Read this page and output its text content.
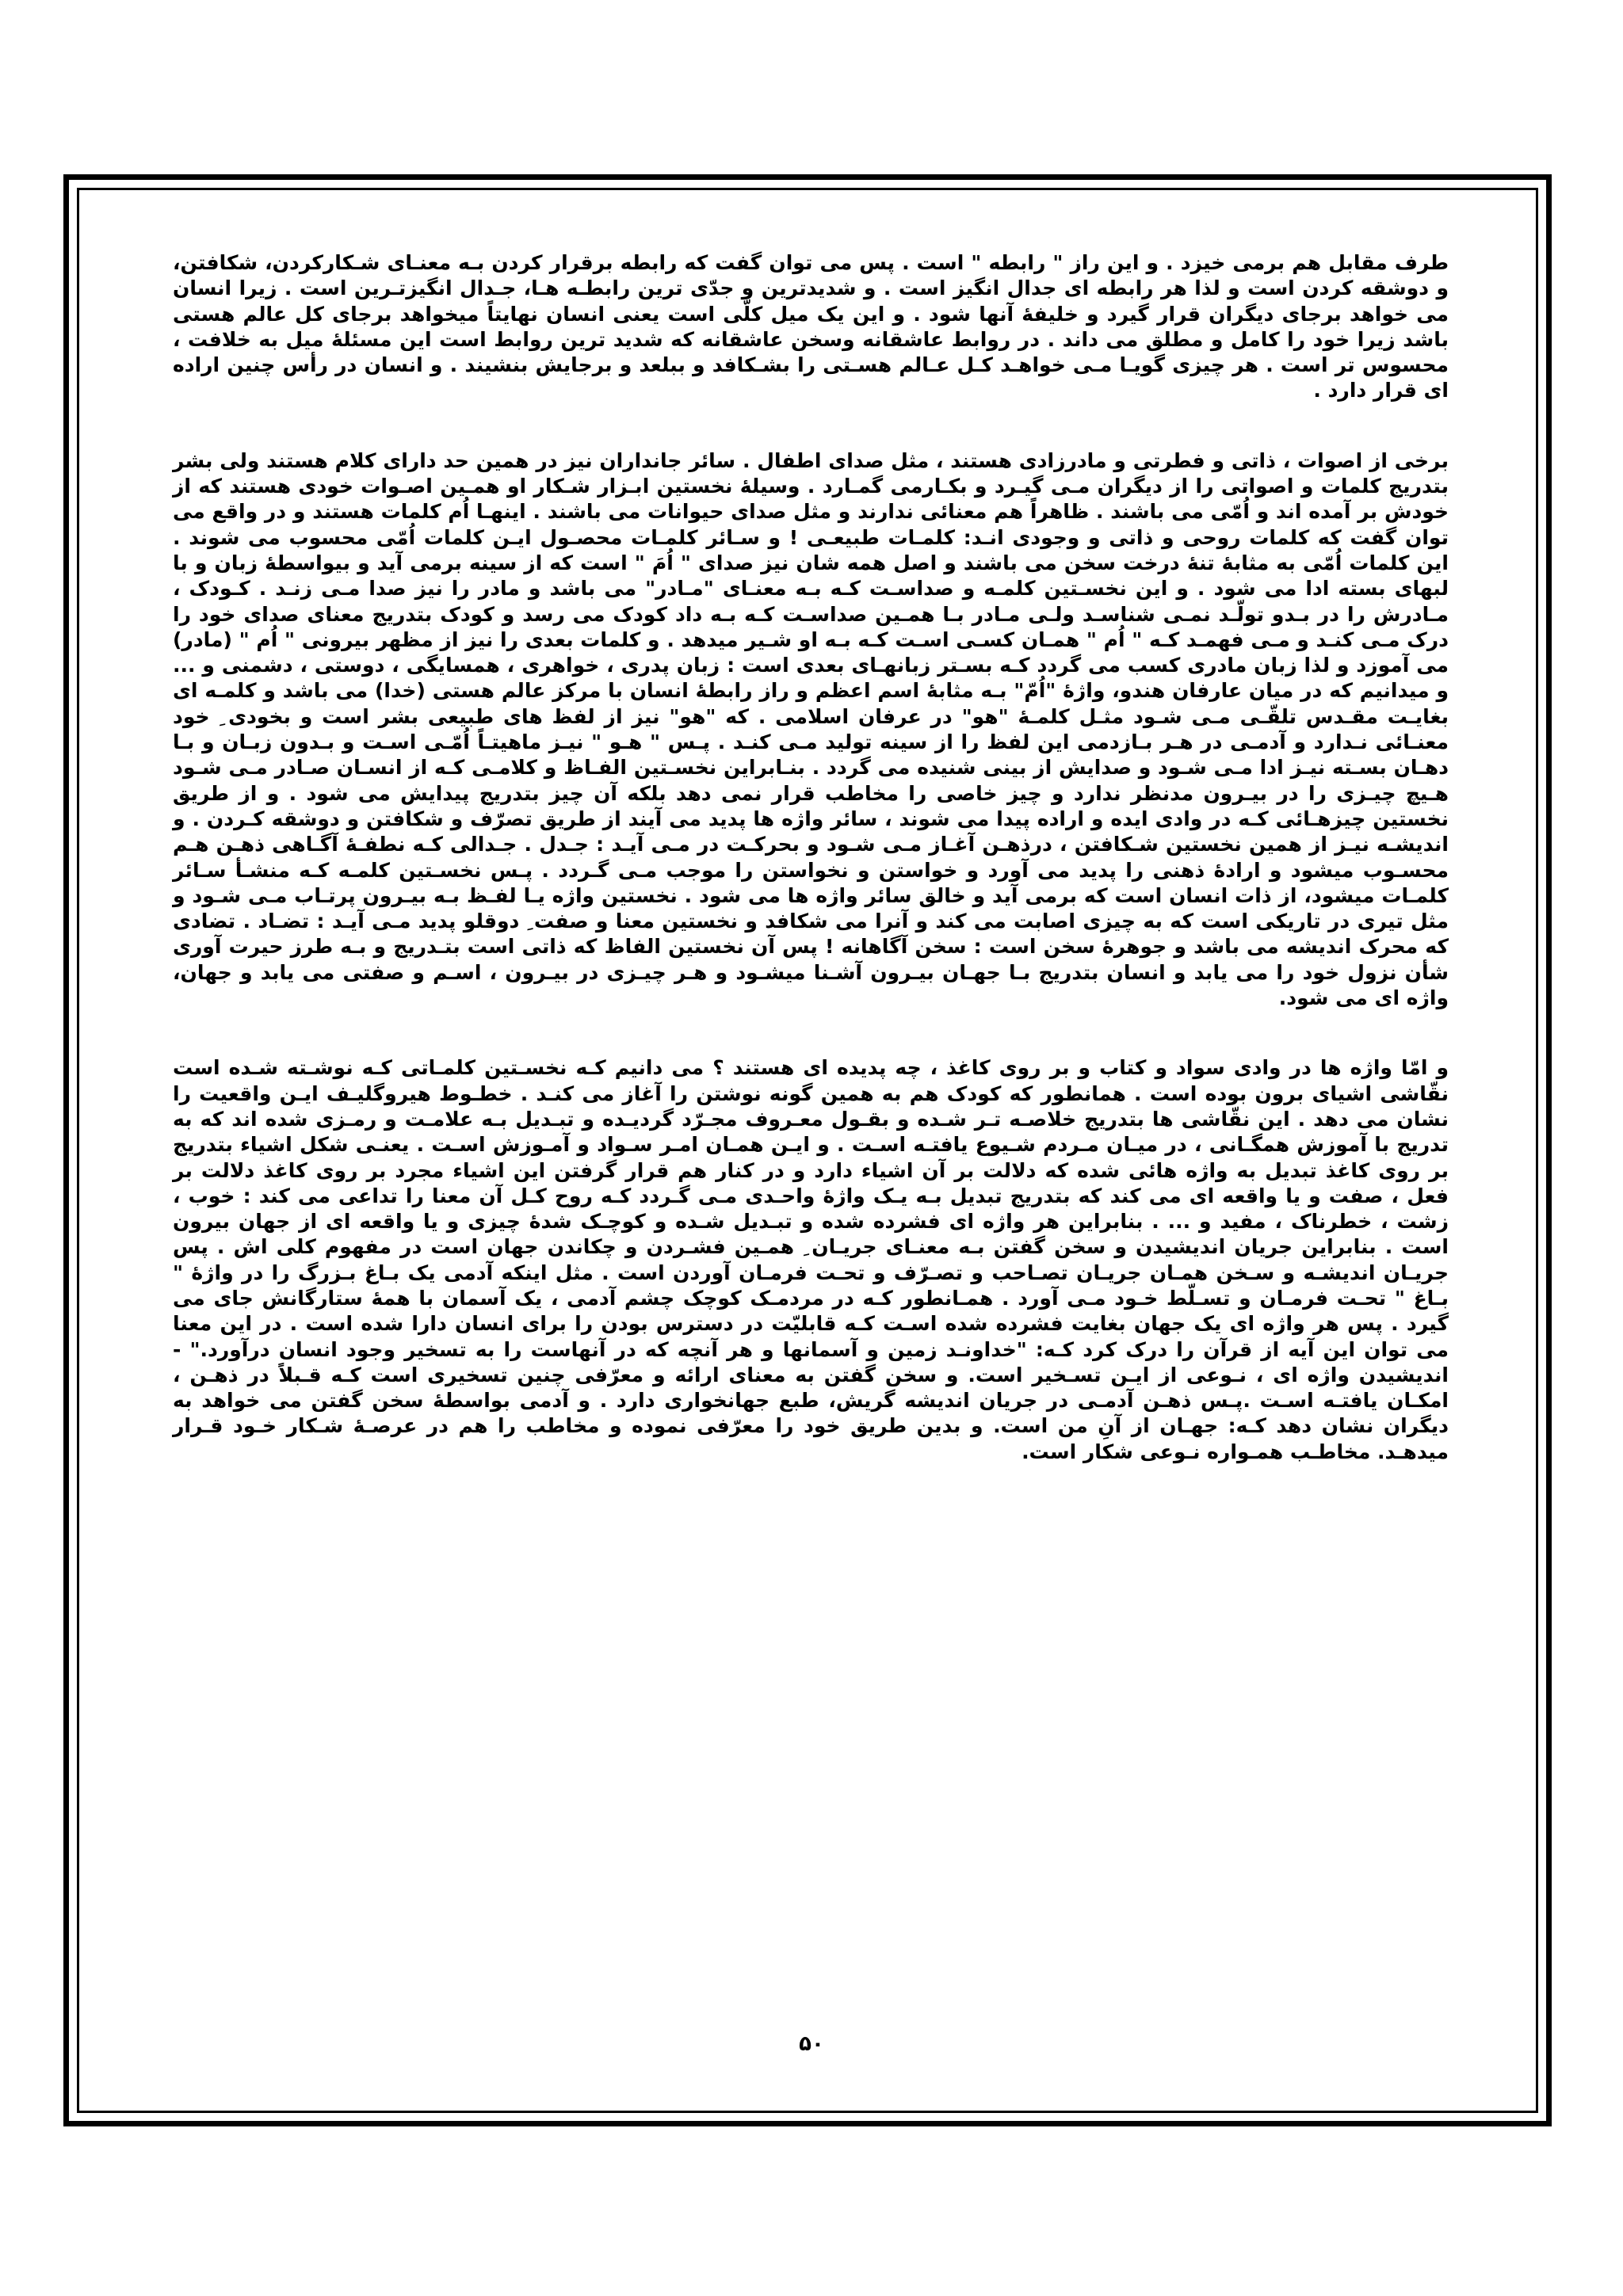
طرف مقابل هم برمی خیزد . و این راز " رابطه " است . پس می توان گفت که رابطه برقرار کردن بـه معنـای شـکارکردن، شکافتن، و دوشقه کردن است و لذا هر رابطه ای جدال انگیز است . و شدیدترین و جدّی ترین رابطـه هـا، جـدال انگیزتـرین است . زیرا انسان می خواهد برجای دیگران قرار گیرد و خلیفهٔ آنها شود . و این یک میل کلّی است یعنی انسان نهایتاً میخواهد برجای کل عالم هستی باشد زیرا خود را کامل و مطلق می داند . در روابط عاشقانه وسخن عاشقانه که شدید ترین روابط است این مسئلهٔ میل به خلافت ، محسوس تر است . هر چیزی گویـا مـی خواهـد کـل عـالم هسـتی را بشـکافد و ببلعد و برجایش بنشیند . و انسان در رأس چنین اراده ای قرار دارد .

برخی از اصوات ، ذاتی و فطرتی و مادرزادی هستند ، مثل صدای اطفال . سائر جانداران نیز در همین حد دارای کلام هستند ولی بشر بتدریج کلمات و اصواتی را از دیگران مـی گیـرد و بکـارمی گمـارد . وسیلهٔ نخستین ابـزار شـکار او همـین اصـوات خودی هستند که از خودش بر آمده اند و اُمّی می باشند . ظاهراً هم معنائی ندارند و مثل صدای حیوانات می باشند . اینهـا اُم کلمات هستند و در واقع می توان گفت که کلمات روحی و ذاتی و وجودی انـد: کلمـات طبیعـی ! و سـائر کلمـات محصـول ایـن کلمات اُمّی محسوب می شوند . این کلمات اُمّی به مثابهٔ تنهٔ درخت سخن می باشند و اصل همه شان نیز صدای " اُمَ " است که از سینه برمی آید و بیواسطهٔ زبان و با لبهای بسته ادا می شود . و این نخسـتین کلمـه و صداسـت کـه بـه معنـای "مـادر" می باشد و مادر را نیز صدا مـی زنـد . کـودک ، مـادرش را در بـدو تولّـد نمـی شناسـد ولـی مـادر بـا همـین صداسـت کـه بـه داد کودک می رسد و کودک بتدریج معنای صدای خود را درک مـی کنـد و مـی فهمـد کـه " اُم " همـان کسـی اسـت کـه بـه او شـیر میدهد . و کلمات بعدی را نیز از مظهر بیرونی " اُم " (مادر) می آموزد و لذا زبان مادری کسب می گردد کـه بسـتر زبانهـای بعدی است : زبان پدری ، خواهری ، همسایگی ، دوستی ، دشمنی و ... و میدانیم که در میان عارفان هندو، واژهٔ "اُمّ" بـه مثابهٔ اسم اعظم و راز رابطهٔ انسان با مرکز عالم هستی (خدا) می باشد و کلمـه ای بغایـت مقـدس تلقّـی مـی شـود مثـل کلمـهٔ "هو" در عرفان اسلامی . که "هو" نیز از لفظ های طبیعی بشر است و بخودی ِ خود معنـائی نـدارد و آدمـی در هـر بـازدمی این لفظ را از سینه تولید مـی کنـد . پـس " هـو " نیـز ماهیتـاً اُمّـی اسـت و بـدون زبـان و بـا دهـان بسـته نیـز ادا مـی شـود و صدایش از بینی شنیده می گردد . بنـابراین نخسـتین الفـاظ و کلامـی کـه از انسـان صـادر مـی شـود هـیچ چیـزی را در بیـرون مدنظر ندارد و چیز خاصی را مخاطب قرار نمی دهد بلکه آن چیز بتدریج پیدایش می شود . و از طریق نخستین چیزهـائی کـه در وادی ایده و اراده پیدا می شوند ، سائر واژه ها پدید می آیند از طریق تصرّف و شکافتن و دوشقه کـردن . و اندیشـه نیـز از همین نخستین شـکافتن ، درذهـن آغـاز مـی شـود و بحرکـت در مـی آیـد : جـدل . جـدالی کـه نطفـهٔ آگـاهی ذهـن هـم محسـوب میشود و ارادهٔ ذهنی را پدید می آورد و خواستن و نخواستن را موجب مـی گـردد . پـس نخسـتین کلمـه کـه منشـأ سـائر کلمـات میشود، از ذات انسان است که برمی آید و خالق سائر واژه ها می شود . نخستین واژه یـا لفـظ بـه بیـرون پرتـاب مـی شـود و مثل تیری در تاریکی است که به چیزی اصابت می کند و آنرا می شکافد و نخستین معنا و صفت ِ دوقلو پدید مـی آیـد : تضـاد . تضادی که محرک اندیشه می باشد و جوهرهٔ سخن است : سخن آگاهانه ! پس آن نخستین الفاظ که ذاتی است بتـدریج و بـه طرز حیرت آوری شأن نزول خود را می یابد و انسان بتدریج بـا جهـان بیـرون آشـنا میشـود و هـر چیـزی در بیـرون ، اسـم و صفتی می یابد و جهان، واژه ای می شود.

و امّا واژه ها در وادی سواد و کتاب و بر روی کاغذ ، چه پدیده ای هستند ؟ می دانیم کـه نخسـتین کلمـاتی کـه نوشـته شـده است نقّاشی اشیای برون بوده است . همانطور که کودک هم به همین گونه نوشتن را آغاز می کنـد . خطـوط هیروگلیـف ایـن واقعیت را نشان می دهد . این نقّاشی ها بتدریج خلاصـه تـر شـده و بقـول معـروف مجـرّد گردیـده و تبـدیل بـه علامـت و رمـزی شده اند که به تدریج با آموزش همگـانی ، در میـان مـردم شـیوع یافتـه اسـت . و ایـن همـان امـر سـواد و آمـوزش اسـت . یعنـی شکل اشیاء بتدریج بر روی کاغذ تبدیل به واژه هائی شده که دلالت بر آن اشیاء دارد و در کنار هم قرار گرفتن این اشیاء مجرد بر روی کاغذ دلالت بر فعل ، صفت و یا واقعه ای می کند که بتدریج تبدیل بـه یـک واژهٔ واحـدی مـی گـردد کـه روح کـل آن معنا را تداعی می کند : خوب ، زشت ، خطرناک ، مفید و ... . بنابراین هر واژه ای فشرده شده و تبـدیل شـده و کوچـک شدهٔ چیزی و یا واقعه ای از جهان بیرون است . بنابراین جریان اندیشیدن و سخن گفتن بـه معنـای جریـان ِ همـین فشـردن و چکاندن جهان است در مفهوم کلی اش . پس جریـان اندیشـه و سـخن همـان جریـان تصـاحب و تصـرّف و تحـت فرمـان آوردن است . مثل اینکه آدمی یک بـاغ بـزرگ را در واژهٔ " بـاغ " تحـت فرمـان و تسـلّط خـود مـی آورد . همـانطور کـه در مردمـک کوچک چشم آدمی ، یک آسمان با همهٔ ستارگانش جای می گیرد . پس هر واژه ای یک جهان بغایت فشرده شده اسـت کـه قابلیّت در دسترس بودن را برای انسان دارا شده است . در این معنا می توان این آیه از قرآن را درک کرد کـه: "خداونـد زمین و آسمانها و هر آنچه که در آنهاست را به تسخیر وجود انسان درآورد." - اندیشیدن واژه ای ، نـوعی از ایـن تسـخیر است. و سخن گفتن به معنای ارائه و معرّفی چنین تسخیری است کـه قـبلاً در ذهـن ، امکـان یافتـه اسـت .پـس ذهـن آدمـی در جریان اندیشه گریش، طبع جهانخواری دارد . و آدمی بواسطهٔ سخن گفتن می خواهد به دیگران نشان دهد کـه: جهـان از آنِ من است. و بدین طریق خود را معرّفی نموده و مخاطب را هم در عرصـهٔ شـکار خـود قـرار میدهـد. مخاطـب همـواره نـوعی شکار است.

۵۰
